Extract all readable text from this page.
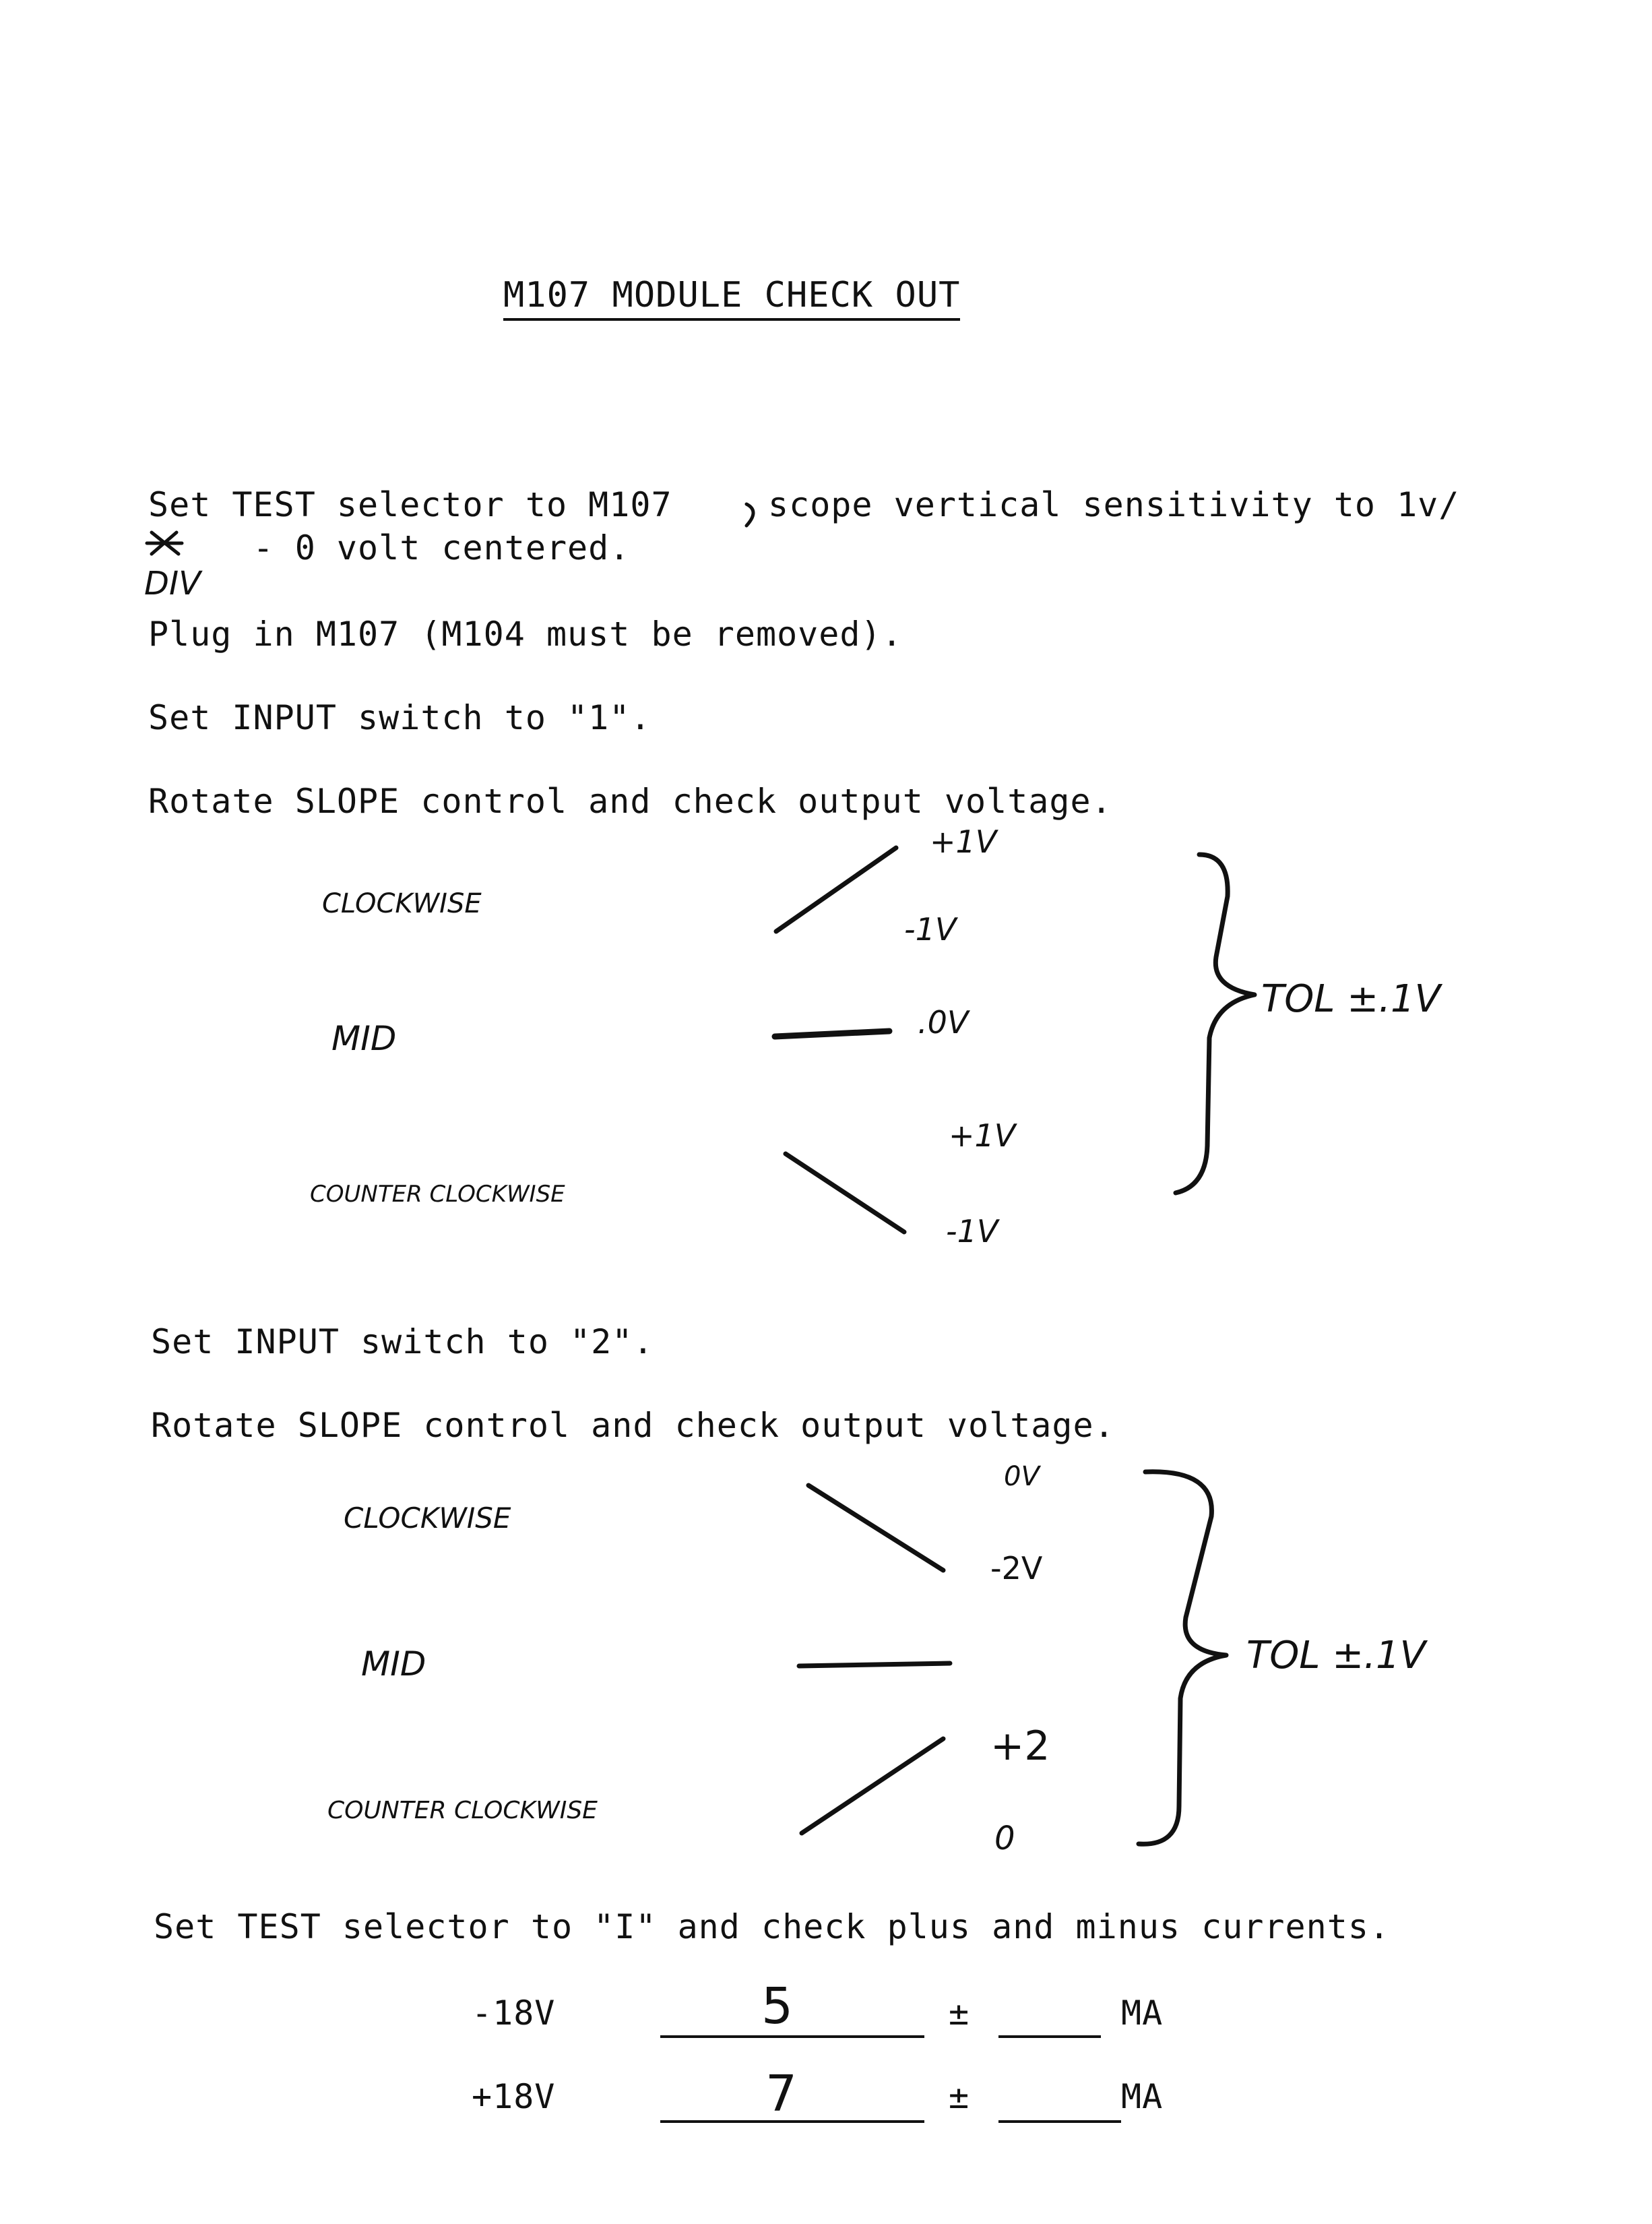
M107 MODULE CHECK OUT
Set TEST selector to M107	scope vertical sensitivity to 1v/
- 0 volt centered.
DIV
Plug in M107 (M104 must be removed).
Set INPUT switch to "1".
Rotate SLOPE control and check output voltage.
CLOCKWISE
MID
COUNTER CLOCKWISE
+1V
-1V
.0V
+1V
-1V
TOL ±.1V
Set INPUT switch to "2".
Rotate SLOPE control and check output voltage.
CLOCKWISE
MID
COUNTER CLOCKWISE
0V
-2V
+2
0
TOL ±.1V
Set TEST selector to "I" and check plus and minus currents.
-18V	5	±	MA
+18V	7	±	MA
